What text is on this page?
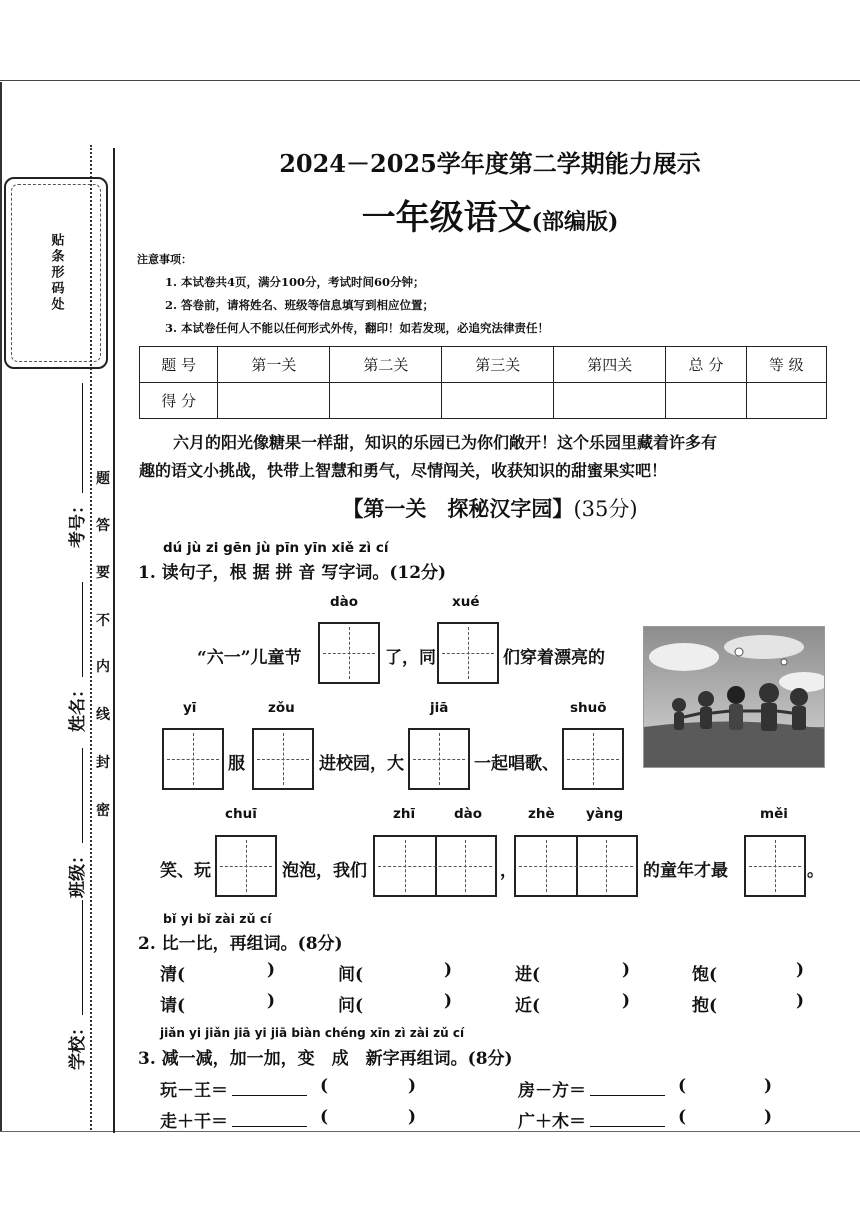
贴条形码处
学校：
班级：
姓名：
考号：
密
封
线
内
不
要
答
题
2024－2025学年度第二学期能力展示
一年级语文(部编版)
注意事项：
1. 本试卷共4页，满分100分，考试时间60分钟；
2. 答卷前，请将姓名、班级等信息填写到相应位置；
3. 本试卷任何人不能以任何形式外传，翻印！如若发现，必追究法律责任！
题 号	第一关	第二关	第三关	第四关	总 分	等 级
得 分						
六月的阳光像糖果一样甜，知识的乐园已为你们敞开！这个乐园里藏着许多有
趣的语文小挑战，快带上智慧和勇气，尽情闯关，收获知识的甜蜜果实吧！
【第一关　探秘汉字园】(35分)
dú jù zi gēn jù pīn yīn xiě zì cí
1. 读句子，根 据 拼 音 写字词。(12分)
dào	xué
“六一”儿童节	了，同	们穿着漂亮的
yī	zǒu	jiā	shuō
服	进校园，大	一起唱歌、
chuī	zhī	dào	zhè yàng	měi
笑、玩	泡泡，我们	，	的童年才最	。
bǐ yi bǐ zài zǔ cí
2. 比一比，再组词。(8分)
清(	)	间(	)	进(	)	饱(	)
请(	)	问(	)	近(	)	抱(	)
jiǎn yi jiǎn jiā yi jiā biàn chéng xīn zì zài zǔ cí
3. 减一减，加一加，变　成　新字再组词。(8分)
玩－王＝	(	)	房－方＝	(	)
走＋干＝	(	)	广＋木＝	(	)
